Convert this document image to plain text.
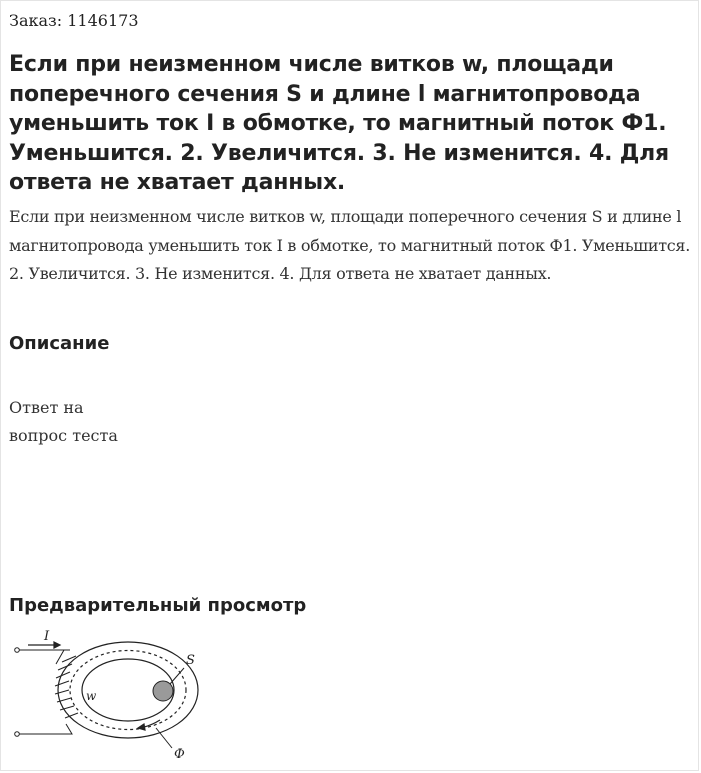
Заказ: 1146173
Если при неизменном числе витков w, площади поперечного сечения S и длине l магнитопровода уменьшить ток I в обмотке, то магнитный поток Ф1. Уменьшится. 2. Увеличится. 3. Не изменится. 4. Для ответа не хватает данных.

Если при неизменном числе витков w, площади поперечного сечения S и длине l магнитопровода уменьшить ток I в обмотке, то магнитный поток Ф1. Уменьшится. 2. Увеличится. 3. Не изменится. 4. Для ответа не хватает данных.

Описание
Ответ на
вопрос теста
Предварительный просмотр
I
S
w
Ф
